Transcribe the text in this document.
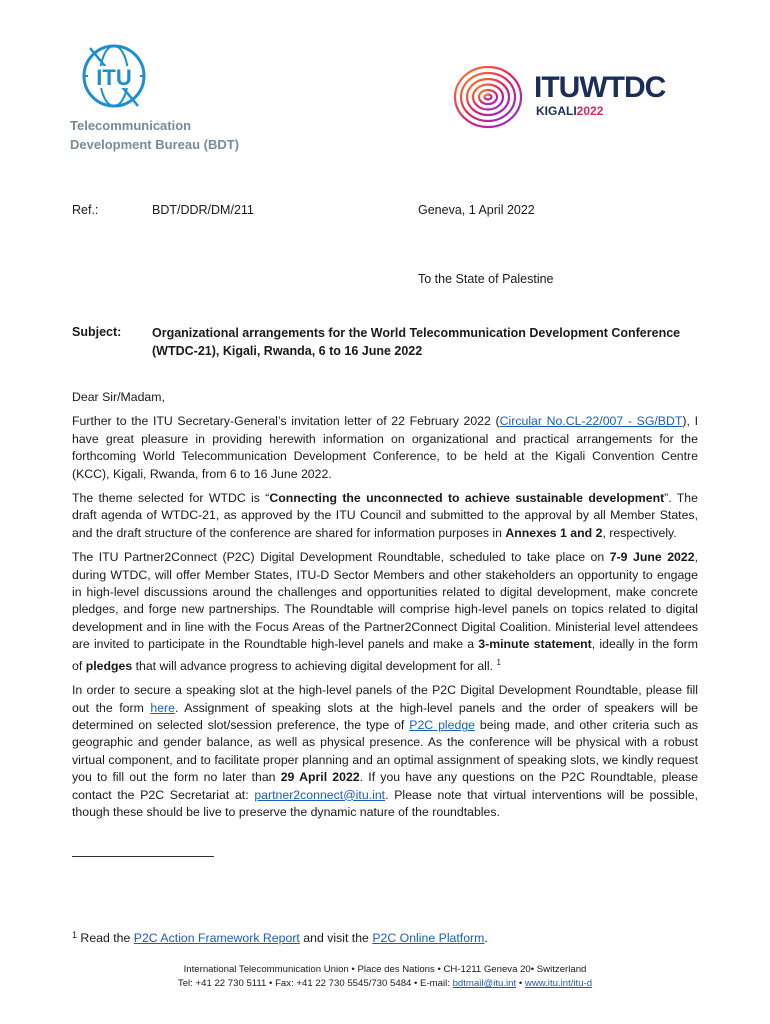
ITU
Telecommunication
Development Bureau (BDT)
ITUWTDC
KIGALI2022
Ref.:	BDT/DDR/DM/211	Geneva, 1 April 2022
To the State of Palestine
Subject: Organizational arrangements for the World Telecommunication Development Conference (WTDC-21), Kigali, Rwanda, 6 to 16 June 2022

Dear Sir/Madam,

Further to the ITU Secretary-General’s invitation letter of 22 February 2022 (Circular No.CL-22/007 - SG/BDT), I have great pleasure in providing herewith information on organizational and practical arrangements for the forthcoming World Telecommunication Development Conference, to be held at the Kigali Convention Centre (KCC), Kigali, Rwanda, from 6 to 16 June 2022.

The theme selected for WTDC is “Connecting the unconnected to achieve sustainable development”. The draft agenda of WTDC-21, as approved by the ITU Council and submitted to the approval by all Member States, and the draft structure of the conference are shared for information purposes in Annexes 1 and 2, respectively.

The ITU Partner2Connect (P2C) Digital Development Roundtable, scheduled to take place on 7-9 June 2022, during WTDC, will offer Member States, ITU-D Sector Members and other stakeholders an opportunity to engage in high-level discussions around the challenges and opportunities related to digital development, make concrete pledges, and forge new partnerships. The Roundtable will comprise high-level panels on topics related to digital development and in line with the Focus Areas of the Partner2Connect Digital Coalition. Ministerial level attendees are invited to participate in the Roundtable high-level panels and make a 3-minute statement, ideally in the form of pledges that will advance progress to achieving digital development for all. $^1$

In order to secure a speaking slot at the high-level panels of the P2C Digital Development Roundtable, please fill out the form here. Assignment of speaking slots at the high-level panels and the order of speakers will be determined on selected slot/session preference, the type of P2C pledge being made, and other criteria such as geographic and gender balance, as well as physical presence. As the conference will be physical with a robust virtual component, and to facilitate proper planning and an optimal assignment of speaking slots, we kindly request you to fill out the form no later than 29 April 2022. If you have any questions on the P2C Roundtable, please contact the P2C Secretariat at: partner2connect@itu.int. Please note that virtual interventions will be possible, though these should be live to preserve the dynamic nature of the roundtables.

$^1$ Read the P2C Action Framework Report and visit the P2C Online Platform.
International Telecommunication Union • Place des Nations • CH-1211 Geneva 20• Switzerland
Tel: +41 22 730 5111 • Fax: +41 22 730 5545/730 5484 • E-mail: bdtmail@itu.int • www.itu.int/itu-d
